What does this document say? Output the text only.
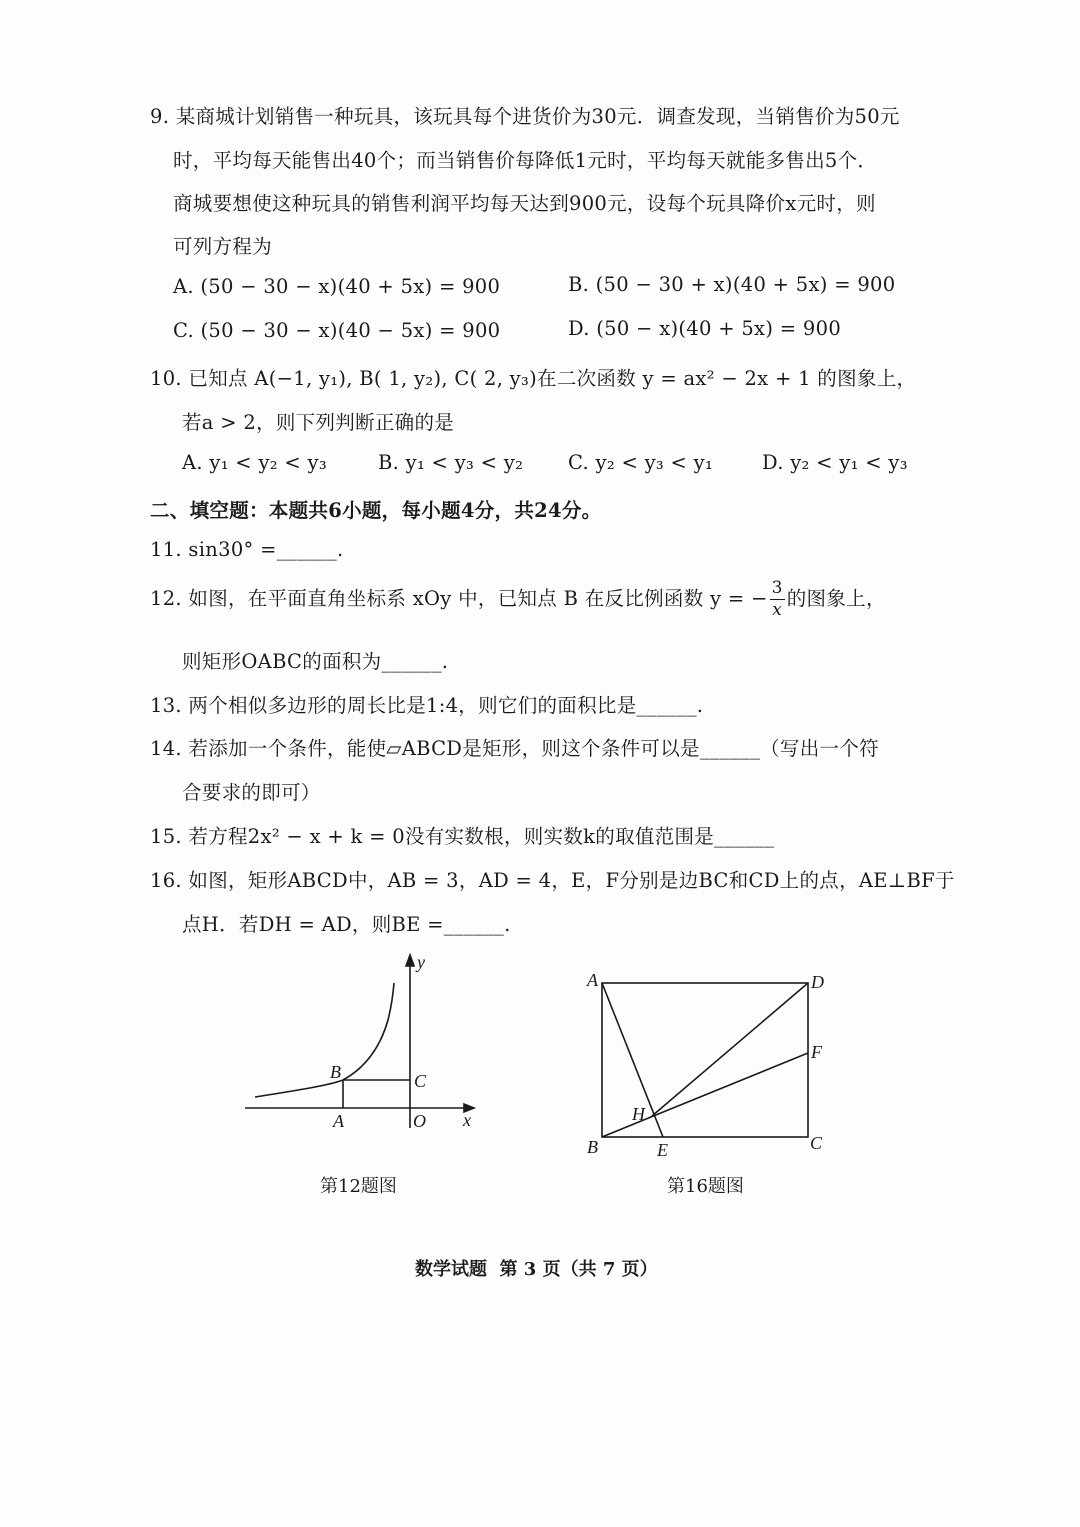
9. 某商城计划销售一种玩具，该玩具每个进货价为30元．调查发现，当销售价为50元
时，平均每天能售出40个；而当销售价每降低1元时，平均每天就能多售出5个．
商城要想使这种玩具的销售利润平均每天达到900元，设每个玩具降价x元时，则
可列方程为
A. (50 − 30 − x)(40 + 5x) = 900	B. (50 − 30 + x)(40 + 5x) = 900
C. (50 − 30 − x)(40 − 5x) = 900	D. (50 − x)(40 + 5x) = 900
10. 已知点 A(−1, y₁), B( 1, y₂), C( 2, y₃)在二次函数 y = ax² − 2x + 1 的图象上，
若a > 2，则下列判断正确的是
A. y₁ < y₂ < y₃	B. y₁ < y₃ < y₂ C. y₂ < y₃ < y₁	D. y₂ < y₁ < y₃
二、填空题：本题共6小题，每小题4分，共24分。
11. sin30° =______.
12. 如图，在平面直角坐标系 xOy 中，已知点 B 在反比例函数 y = − $\frac{3}{x}$ 的图象上，
则矩形OABC的面积为______.
13. 两个相似多边形的周长比是1:4，则它们的面积比是______.
14. 若添加一个条件，能使▱ABCD是矩形，则这个条件可以是______（写出一个符
合要求的即可）
15. 若方程2x² − x + k = 0没有实数根，则实数k的取值范围是______
16. 如图，矩形ABCD中，AB = 3，AD = 4，E，F分别是边BC和CD上的点，AE⊥BF于
点H．若DH = AD，则BE =______.
B
A
C
O x
y
A	D
B	C
F
E
H
第12题图	第16题图
数学试题  第 3 页（共 7 页）
